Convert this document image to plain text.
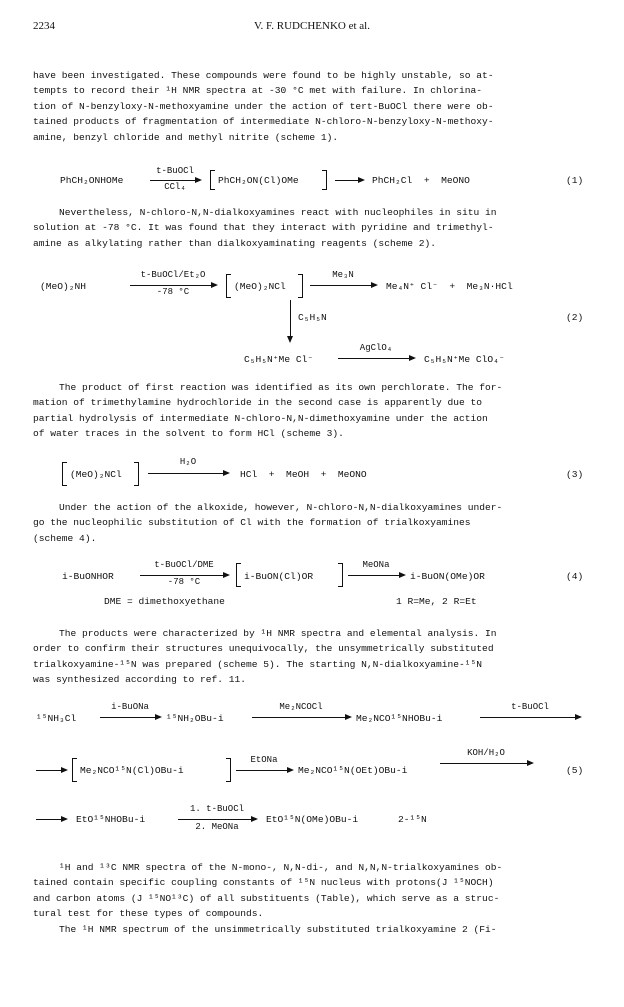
2234	V. F. RUDCHENKO et al.
have been investigated. These compounds were found to be highly unstable, so at-
tempts to record their ¹H NMR spectra at -30 °C met with failure. In chlorina-
tion of N-benzyloxy-N-methoxyamine under the action of tert-BuOCl there were ob-
tained products of fragmentation of intermediate N-chloro-N-benzyloxy-N-methoxy-
amine, benzyl chloride and methyl nitrite (scheme 1).
PhCH₂ONHOMe
t-BuOCl
CCl₄
PhCH₂ON(Cl)OMe	PhCH₂Cl  +  MeONO	(1)
Nevertheless, N-chloro-N,N-dialkoxyamines react with nucleophiles in situ in
solution at -78 °C. It was found that they interact with pyridine and trimethyl-
amine as alkylating rather than dialkoxyaminating reagents (scheme 2).
(MeO)₂NH
t-BuOCl/Et₂O
-78 °C	(MeO)₂NCl
Me₃N
Me₄N⁺ Cl⁻  +  Me₃N·HCl
C₅H₅N	(2)
C₅H₅N⁺Me Cl⁻
AgClO₄
C₅H₅N⁺Me ClO₄⁻
The product of first reaction was identified as its own perchlorate. The for-
mation of trimethylamine hydrochloride in the second case is apparently due to
partial hydrolysis of intermediate N-chloro-N,N-dimethoxyamine under the action
of water traces in the solvent to form HCl (scheme 3).
(MeO)₂NCl
H₂O
HCl  +  MeOH  +  MeONO	(3)
Under the action of the alkoxide, however, N-chloro-N,N-dialkoxyamines under-
go the nucleophilic substitution of Cl with the formation of trialkoxyamines
(scheme 4).
i-BuONHOR
t-BuOCl/DME
-78 °C	i-BuON(Cl)OR
MeONa
i-BuON(OMe)OR	(4)
DME = dimethoxyethane	1 R=Me, 2 R=Et
The products were characterized by ¹H NMR spectra and elemental analysis. In
order to confirm their structures unequivocally, the unsymmetrically substituted
trialkoxyamine-¹⁵N was prepared (scheme 5). The starting N,N-dialkoxyamine-¹⁵N
was synthesized according to ref. 11.
¹⁵NH₃Cl
i-BuONa
¹⁵NH₂OBu-i
Me₂NCOCl
Me₂NCO¹⁵NHOBu-i
t-BuOCl
Me₂NCO¹⁵N(Cl)OBu-i
EtONa
Me₂NCO¹⁵N(OEt)OBu-i
KOH/H₂O
(5)
EtO¹⁵NHOBu-i
1. t-BuOCl
2. MeONa
EtO¹⁵N(OMe)OBu-i	2-¹⁵N
¹H and ¹³C NMR spectra of the N-mono-, N,N-di-, and N,N,N-trialkoxyamines ob-
tained contain specific coupling constants of ¹⁵N nucleus with protons(J ¹⁵NOCH)
and carbon atoms (J ¹⁵NO¹³C) of all substituents (Table), which serve as a struc-
tural test for these types of compounds.
The ¹H NMR spectrum of the unsimmetrically substituted trialkoxyamine 2 (Fi-
